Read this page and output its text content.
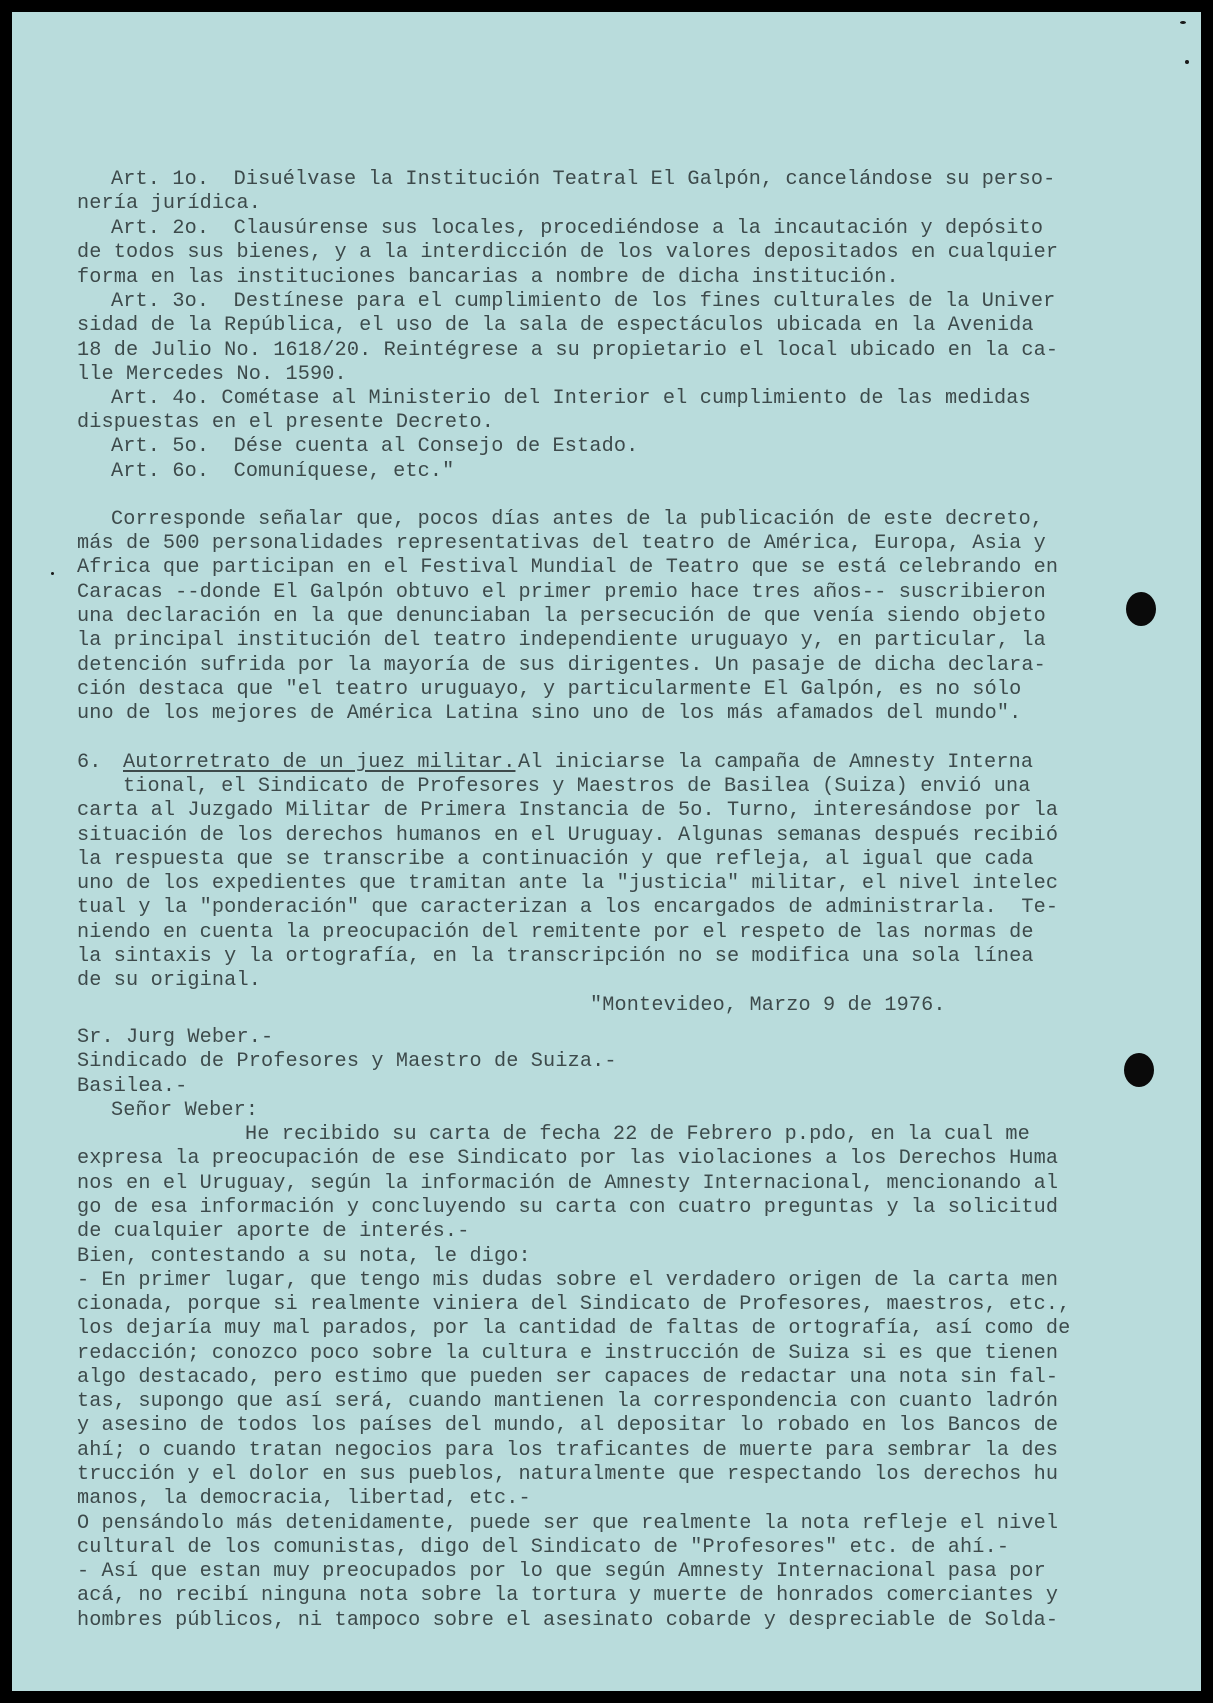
Art. 1o.  Disuélvase la Institución Teatral El Galpón, cancelándose su perso-

nería jurídica.

Art. 2o.  Clausúrense sus locales, procediéndose a la incautación y depósito

de todos sus bienes, y a la interdicción de los valores depositados en cualquier

forma en las instituciones bancarias a nombre de dicha institución.

Art. 3o.  Destínese para el cumplimiento de los fines culturales de la Univer

sidad de la República, el uso de la sala de espectáculos ubicada en la Avenida

18 de Julio No. 1618/20. Reintégrese a su propietario el local ubicado en la ca-

lle Mercedes No. 1590.

Art. 4o. Cométase al Ministerio del Interior el cumplimiento de las medidas

dispuestas en el presente Decreto.

Art. 5o.  Dése cuenta al Consejo de Estado.

Art. 6o.  Comuníquese, etc."

Corresponde señalar que, pocos días antes de la publicación de este decreto,

más de 500 personalidades representativas del teatro de América, Europa, Asia y

Africa que participan en el Festival Mundial de Teatro que se está celebrando en

Caracas --donde El Galpón obtuvo el primer premio hace tres años-- suscribieron

una declaración en la que denunciaban la persecución de que venía siendo objeto

la principal institución del teatro independiente uruguayo y, en particular, la

detención sufrida por la mayoría de sus dirigentes. Un pasaje de dicha declara-

ción destaca que "el teatro uruguayo, y particularmente El Galpón, es no sólo

uno de los mejores de América Latina sino uno de los más afamados del mundo".

6.

Autorretrato de un juez militar.

Al iniciarse la campaña de Amnesty Interna

tional, el Sindicato de Profesores y Maestros de Basilea (Suiza) envió una

carta al Juzgado Militar de Primera Instancia de 5o. Turno, interesándose por la

situación de los derechos humanos en el Uruguay. Algunas semanas después recibió

la respuesta que se transcribe a continuación y que refleja, al igual que cada

uno de los expedientes que tramitan ante la "justicia" militar, el nivel intelec

tual y la "ponderación" que caracterizan a los encargados de administrarla.  Te-

niendo en cuenta la preocupación del remitente por el respeto de las normas de

la sintaxis y la ortografía, en la transcripción no se modifica una sola línea

de su original.

"Montevideo, Marzo 9 de 1976.

Sr. Jurg Weber.-

Sindicado de Profesores y Maestro de Suiza.-

Basilea.-

Señor Weber:

He recibido su carta de fecha 22 de Febrero p.pdo, en la cual me

expresa la preocupación de ese Sindicato por las violaciones a los Derechos Huma

nos en el Uruguay, según la información de Amnesty Internacional, mencionando al

go de esa información y concluyendo su carta con cuatro preguntas y la solicitud

de cualquier aporte de interés.-

Bien, contestando a su nota, le digo:

- En primer lugar, que tengo mis dudas sobre el verdadero origen de la carta men

cionada, porque si realmente viniera del Sindicato de Profesores, maestros, etc.,

los dejaría muy mal parados, por la cantidad de faltas de ortografía, así como de

redacción; conozco poco sobre la cultura e instrucción de Suiza si es que tienen

algo destacado, pero estimo que pueden ser capaces de redactar una nota sin fal-

tas, supongo que así será, cuando mantienen la correspondencia con cuanto ladrón

y asesino de todos los países del mundo, al depositar lo robado en los Bancos de

ahí; o cuando tratan negocios para los traficantes de muerte para sembrar la des

trucción y el dolor en sus pueblos, naturalmente que respectando los derechos hu

manos, la democracia, libertad, etc.-

O pensándolo más detenidamente, puede ser que realmente la nota refleje el nivel

cultural de los comunistas, digo del Sindicato de "Profesores" etc. de ahí.-

- Así que estan muy preocupados por lo que según Amnesty Internacional pasa por

acá, no recibí ninguna nota sobre la tortura y muerte de honrados comerciantes y

hombres públicos, ni tampoco sobre el asesinato cobarde y despreciable de Solda-
